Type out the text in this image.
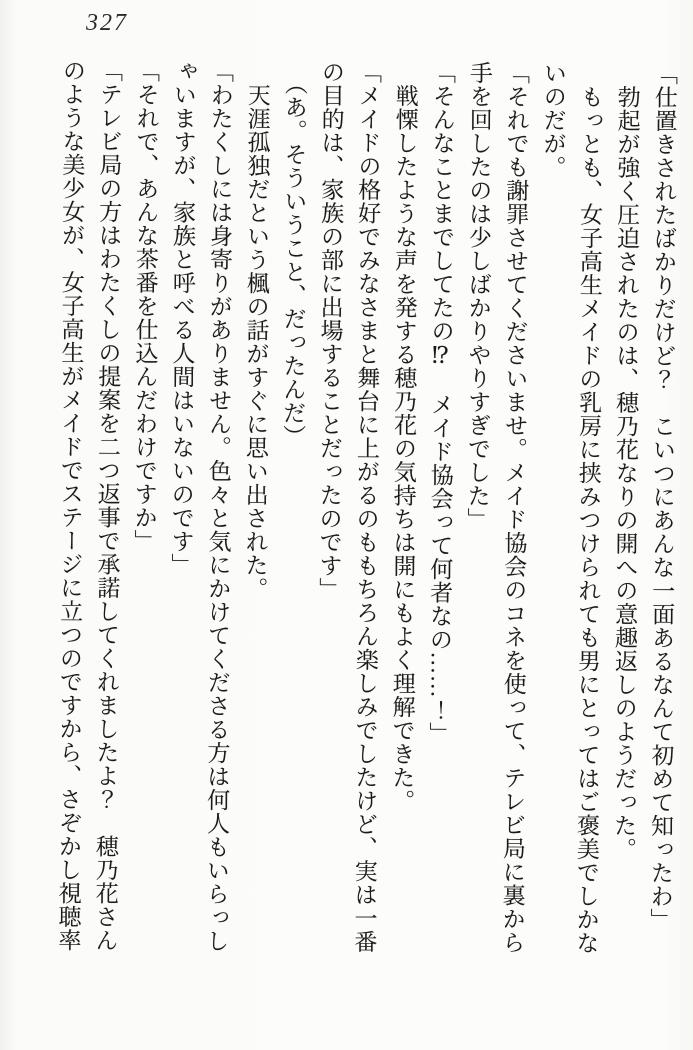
327

「仕置きされたばかりだけど？　こいつにあんな一面あるなんて初めて知ったわ」

　勃起が強く圧迫されたのは、穂乃花なりの開への意趣返しのようだった。

　もっとも、女子高生メイドの乳房に挟みつけられても男にとってはご褒美でしかな

いのだが。

「それでも謝罪させてくださいませ。メイド協会のコネを使って、テレビ局に裏から

手を回したのは少しばかりやりすぎでした」

「そんなことまでしてたの⁉　メイド協会って何者なの……！」

　戦慄したような声を発する穂乃花の気持ちは開にもよく理解できた。

「メイドの格好でみなさまと舞台に上がるのももちろん楽しみでしたけど、実は一番

の目的は、家族の部に出場することだったのです」

　（あ。そういうこと、だったんだ）

　天涯孤独だという楓の話がすぐに思い出された。

「わたくしには身寄りがありません。色々と気にかけてくださる方は何人もいらっし

ゃいますが、家族と呼べる人間はいないのです」

「それで、あんな茶番を仕込んだわけですか」

「テレビ局の方はわたくしの提案を二つ返事で承諾してくれましたよ？　穂乃花さん

のような美少女が、女子高生がメイドでステージに立つのですから、さぞかし視聴率
